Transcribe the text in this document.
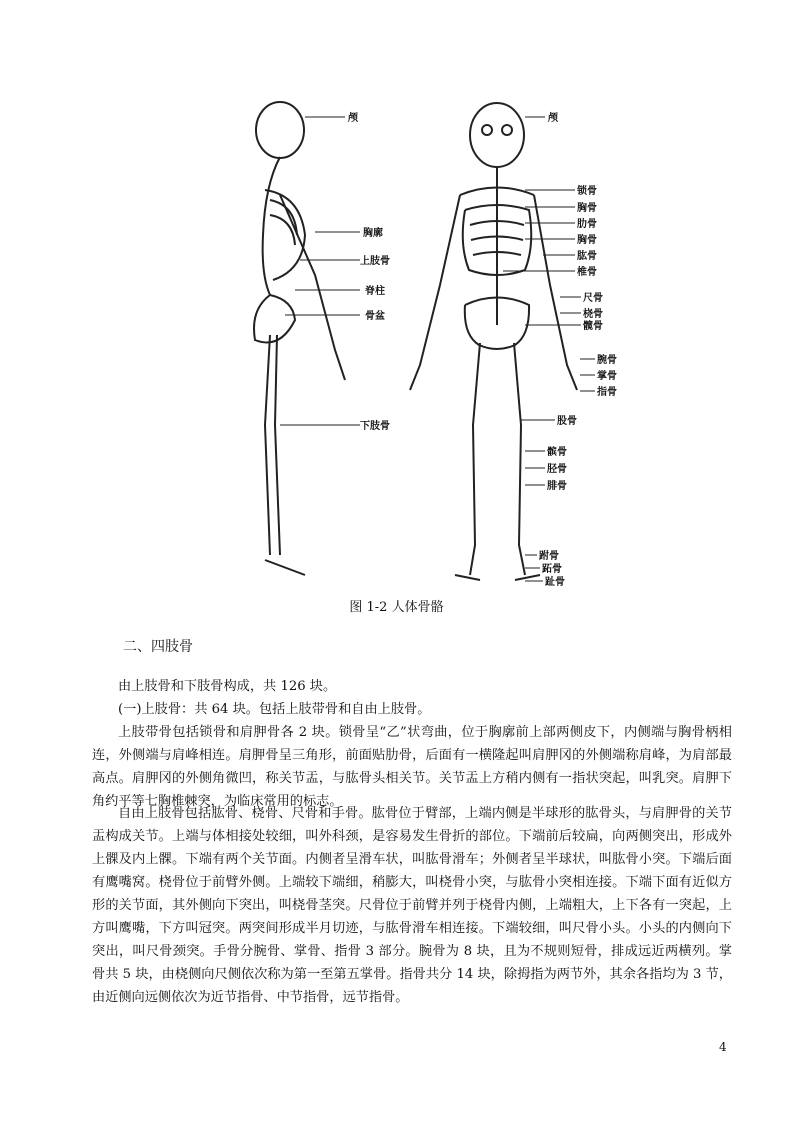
颅
胸廓
上肢骨
脊柱
骨盆
下肢骨
颅
锁骨
胸骨
肋骨
胸骨
肱骨
椎骨
尺骨
桡骨
髋骨
腕骨
掌骨
指骨
股骨
髌骨
胫骨
腓骨
跗骨
跖骨
趾骨
图 1-2 人体骨骼
二、四肢骨

由上肢骨和下肢骨构成，共 126 块。

(一)上肢骨：共 64 块。包括上肢带骨和自由上肢骨。

上肢带骨包括锁骨和肩胛骨各 2 块。锁骨呈“乙”状弯曲，位于胸廓前上部两侧皮下，内侧端与胸骨柄相连，外侧端与肩峰相连。肩胛骨呈三角形，前面贴肋骨，后面有一横隆起叫肩胛冈的外侧端称肩峰，为肩部最高点。肩胛冈的外侧角微凹，称关节盂，与肱骨头相关节。关节盂上方稍内侧有一指状突起，叫乳突。肩胛下角约平等七胸椎棘突，为临床常用的标志。

自由上肢骨包括肱骨、桡骨、尺骨和手骨。肱骨位于臂部，上端内侧是半球形的肱骨头，与肩胛骨的关节盂构成关节。上端与体相接处较细，叫外科颈，是容易发生骨折的部位。下端前后较扁，向两侧突出，形成外上髁及内上髁。下端有两个关节面。内侧者呈滑车状，叫肱骨滑车；外侧者呈半球状，叫肱骨小突。下端后面有鹰嘴窝。桡骨位于前臂外侧。上端较下端细，稍膨大，叫桡骨小突，与肱骨小突相连接。下端下面有近似方形的关节面，其外侧向下突出，叫桡骨茎突。尺骨位于前臂并列于桡骨内侧，上端粗大，上下各有一突起，上方叫鹰嘴，下方叫冠突。两突间形成半月切迹，与肱骨滑车相连接。下端较细，叫尺骨小头。小头的内侧向下突出，叫尺骨颈突。手骨分腕骨、掌骨、指骨 3 部分。腕骨为 8 块，且为不规则短骨，排成远近两横列。掌骨共 5 块，由桡侧向尺侧依次称为第一至第五掌骨。指骨共分 14 块，除拇指为两节外，其余各指均为 3 节，由近侧向远侧依次为近节指骨、中节指骨，远节指骨。

4
